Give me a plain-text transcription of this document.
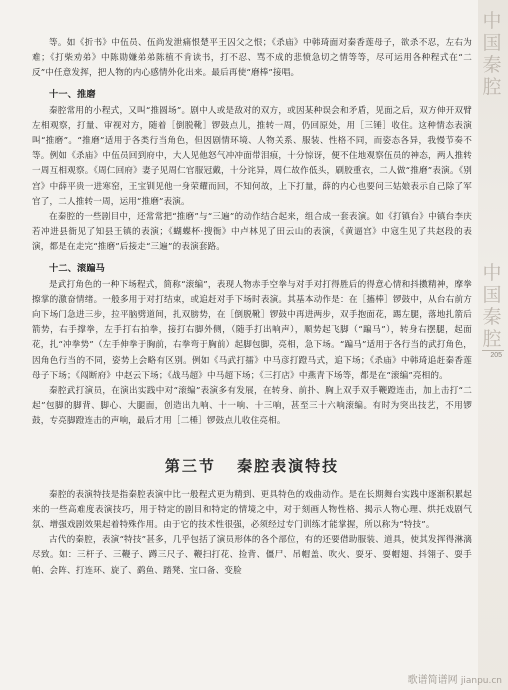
等。如《折书》中伍员、伍尚发泄痛恨楚平王囚父之恨；《杀庙》中韩琦面对秦香莲母子，欲杀不忍，左右为难；《打柴劝弟》中陈勋嫌弟弟陈植不肯读书，打不忍、骂不成的悲愤急切之情等等，尽可运用各种程式在“二反”中任意发挥，把人物的内心感情外化出来。最后再使“磨棒”接唱。

十一、推磨

秦腔常用的小程式，又叫“推圆场”。剧中人或是敌对的双方，或因某种误会和矛盾，见面之后，双方伸开双臂左相观察，打量、审视对方，随着［倒脱靴］锣鼓点儿，推转一周，仍回原处，用［三锤］收住。这种情态表演叫“推磨”。“推磨”适用于各类行当角色，但因剧情环境、人物关系、服装、性格不同，而姿态各异，我慢节奏不等。例如《杀庙》中伍员回到府中，大人见他怒气冲冲面带泪痕，十分惊讶，便不住地观察伍员的神态，两人推转一周互相观察。《周仁回府》妻子见周仁官服冠戴，十分诧异，周仁故作低头，刷胶重衣，二人做“推磨”表演。《别宫》中薛平贵一进寒窑，王宝钏见他一身荣耀而回，不知何故，上下打量，薛的内心也要问三姑娘表示自己除了军官了，二人推转一周，运用“推磨”表演。

在秦腔的一些剧目中，还常常把“推磨”与“三遍”的动作结合起来，组合成一套表演。如《打镇台》中镇台李庆若冲进县衙见了知县王镇的表演；《蝴蝶杯·搜衙》中卢林见了田云山的表演，《黄逼宫》中寇生见了共赵段的表演，都是在走完“推磨”后接走“三遍”的表演套路。

十二、滚蹁马

是武打角色的一种下场程式，简称“滚编”，表现人物赤手空拳与对手对打得胜后的得意心情和抖擞精神，摩拳擦掌的激奋情绪。一般多用于对打结束，或追赶对手下场时表演。其基本动作是：在［搐棒］锣鼓中，从台右前方向下场门急进三步，拉平脑劈道间，扎双膀势，在［倒脱靴］锣鼓中再进两步，双手抱面花，踢左腿，落地扎箭后箭势，右手撑拳，左手打右拍拳，接打右脚外侧，（随手打出响声），顺势起飞脚（“蹁马”），转身右摆腿，起面花，扎“冲拳势”（左手伸拳于胸前，右拳弯于胸前）起脚包脚，亮相，急下场。“蹁马”适用于各行当的武打角色，因角色行当的不同，姿势上会略有区别。例如《马武打擂》中马彦打蹬马式，追下场；《杀庙》中韩琦追赶秦香莲母子下场；《闯断府》中赵云下场；《战马超》中马超下场；《三打店》中燕青下场等，都是在“滚编”亮相的。

秦腔武打演员，在演出实践中对“滚编”表演多有发展，在转身、前扑、胸上双手双手鞭蹬连击，加上击打“二起”包脚的脚背、脚心、大腿面，创造出九响、十一响、十三响，甚至三十六响滚编。有时为突出技艺，不用锣鼓，专亮脚蹬连击的声响，最后才用［二棰］锣鼓点儿收住亮相。

第三节 秦腔表演特技

秦腔的表演特技是指秦腔表演中比一般程式更为精到、更具特色的戏曲动作。是在长期舞台实践中逐渐积累起来的一些高难度表演技巧，用于特定的剧目和特定的情境之中，对于刻画人物性格、揭示人物心理、烘托戏剧气氛、增强戏剧效果起着特殊作用。由于它的技术性很强，必须经过专门训练才能掌握，所以称为“特技”。

古代的秦腔，表演“特技”甚多，几乎包括了演员形体的各个部位，有的还要借助服装、道具，使其发挥得淋漓尽致。如：三杆子、三鞭子、蹲三尺子、鞭扫打花、捡背、僵尸、吊帽盖、吹火、耍牙、耍帽翅、抖翎子、耍手帕、会阵、打连环、旋了、鹞鱼、踏凳、宝口备、变脸

中
国
秦
腔
中
国
秦
腔
205
歌谱简谱网 jianpu.cn
